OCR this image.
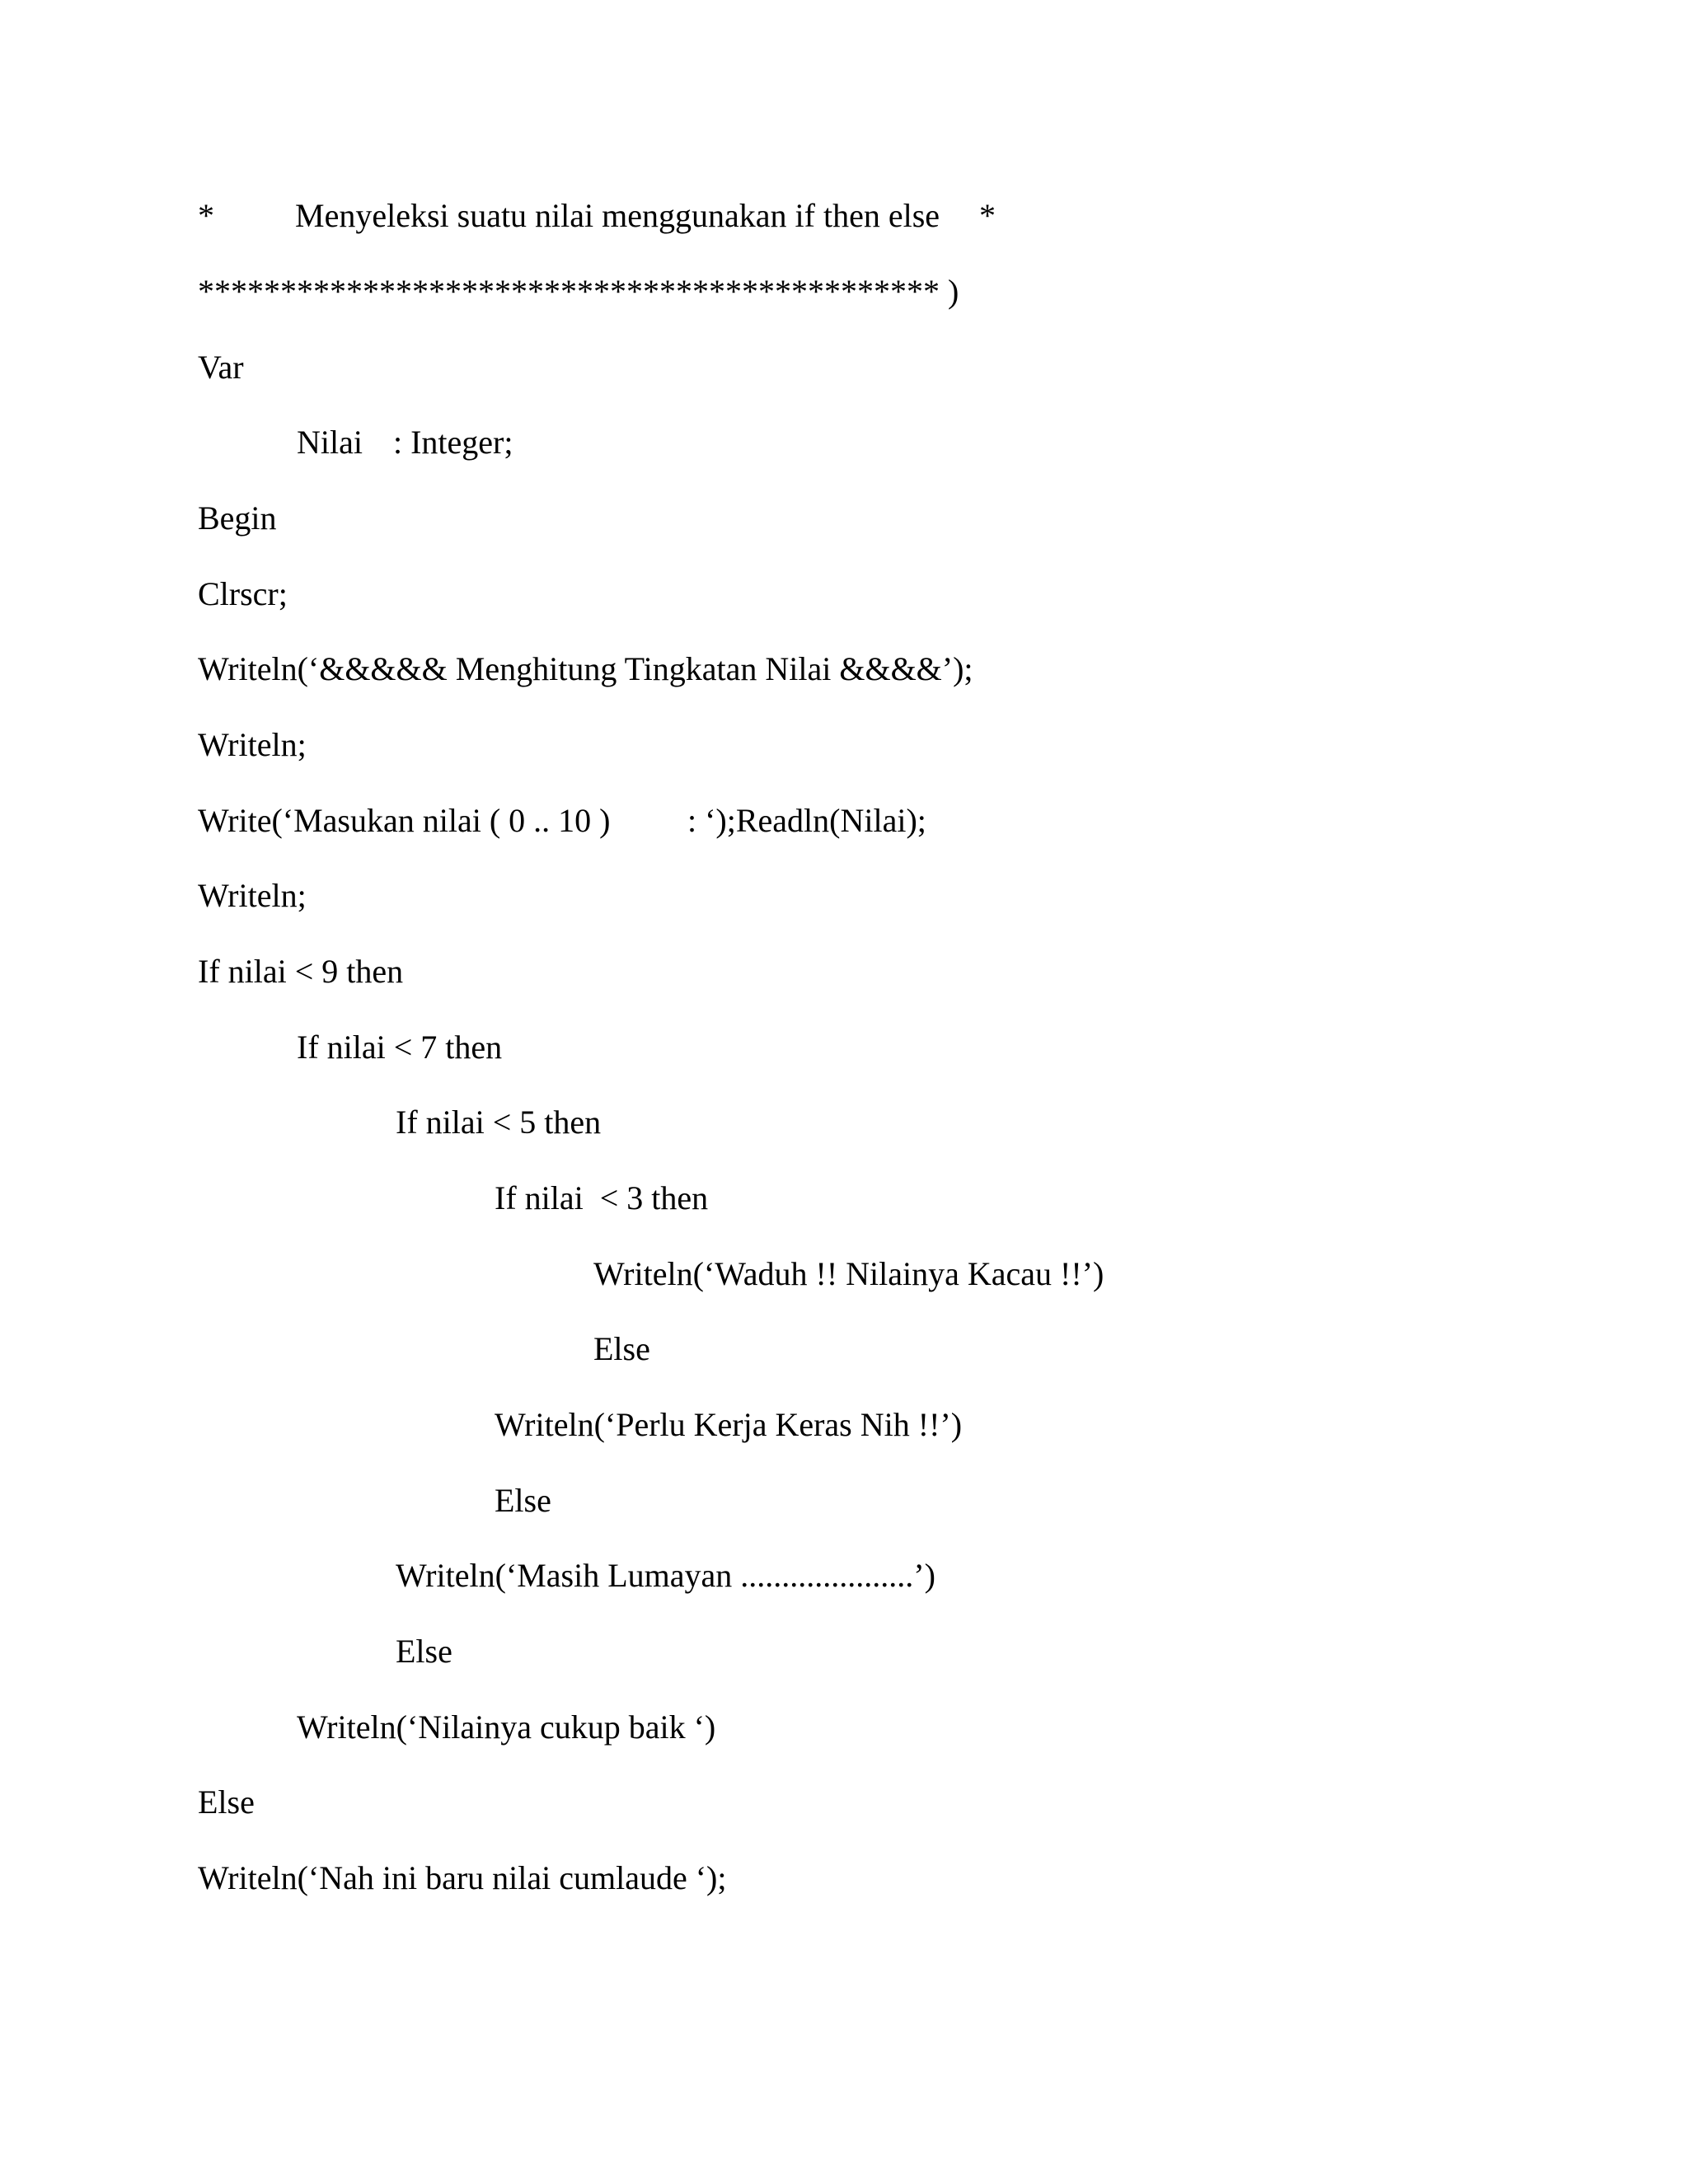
*

Menyeleksi suatu nilai menggunakan if then else

*

********************************************* )
Var

Nilai

: Integer;

Begin
Clrscr;
Writeln(‘&&&&& Menghitung Tingkatan Nilai &&&&’);
Writeln;

Write(‘Masukan nilai ( 0 .. 10 )

: ‘);Readln(Nilai);

Writeln;
If nilai < 9 then
If nilai < 7 then
If nilai < 5 then
If nilai  < 3 then
Writeln(‘Waduh !! Nilainya Kacau !!’)
Else
Writeln(‘Perlu Kerja Keras Nih !!’)
Else
Writeln(‘Masih Lumayan .....................’)
Else
Writeln(‘Nilainya cukup baik ‘)
Else
Writeln(‘Nah ini baru nilai cumlaude ‘);
